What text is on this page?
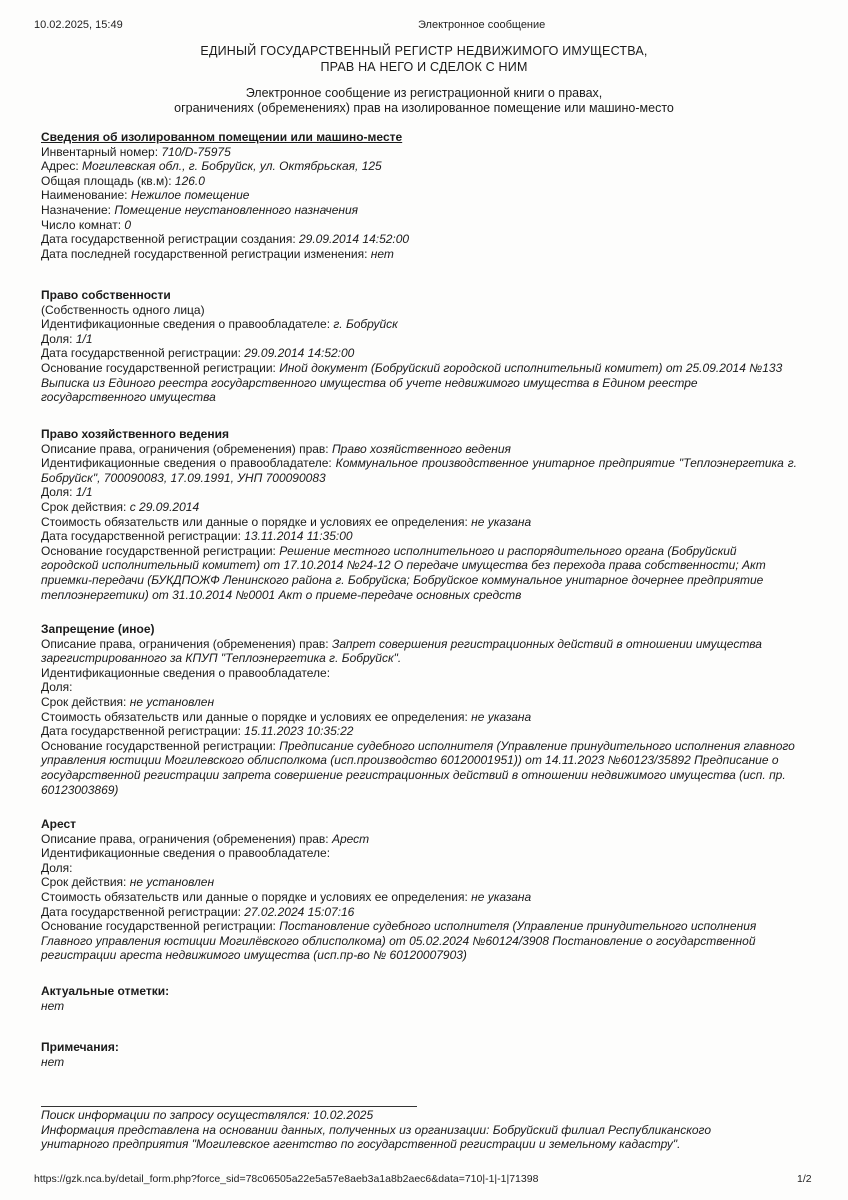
10.02.2025, 15:49	Электронное сообщение
ЕДИНЫЙ ГОСУДАРСТВЕННЫЙ РЕГИСТР НЕДВИЖИМОГО ИМУЩЕСТВА,
ПРАВ НА НЕГО И СДЕЛОК С НИМ
Электронное сообщение из регистрационной книги о правах,
ограничениях (обременениях) прав на изолированное помещение или машино-место
Сведения об изолированном помещении или машино-месте
Инвентарный номер: 710/D-75975
Адрес: Могилевская обл., г. Бобруйск, ул. Октябрьская, 125
Общая площадь (кв.м): 126.0
Наименование: Нежилое помещение
Назначение: Помещение неустановленного назначения
Число комнат: 0
Дата государственной регистрации создания: 29.09.2014 14:52:00
Дата последней государственной регистрации изменения: нет
Право собственности
(Собственность одного лица)
Идентификационные сведения о правообладателе: г. Бобруйск
Доля: 1/1
Дата государственной регистрации: 29.09.2014 14:52:00
Основание государственной регистрации: Иной документ (Бобруйский городской исполнительный комитет) от 25.09.2014 №133 Выписка из Единого реестра государственного имущества об учете недвижимого имущества в Едином реестре государственного имущества
Право хозяйственного ведения
Описание права, ограничения (обременения) прав: Право хозяйственного ведения
Идентификационные сведения о правообладателе: Коммунальное производственное унитарное предприятие "Теплоэнергетика г. Бобруйск", 700090083, 17.09.1991, УНП 700090083
Доля: 1/1
Срок действия: с 29.09.2014
Стоимость обязательств или данные о порядке и условиях ее определения: не указана
Дата государственной регистрации: 13.11.2014 11:35:00
Основание государственной регистрации: Решение местного исполнительного и распорядительного органа (Бобруйский городской исполнительный комитет) от 17.10.2014 №24-12 О передаче имущества без перехода права собственности; Акт приемки-передачи (БУКДПОЖФ Ленинского района г. Бобруйска; Бобруйское коммунальное унитарное дочернее предприятие теплоэнергетики) от 31.10.2014 №0001 Акт о приеме-передаче основных средств
Запрещение (иное)
Описание права, ограничения (обременения) прав: Запрет совершения регистрационных действий в отношении имущества зарегистрированного за КПУП "Теплоэнергетика г. Бобруйск".
Идентификационные сведения о правообладателе:
Доля:
Срок действия: не установлен
Стоимость обязательств или данные о порядке и условиях ее определения: не указана
Дата государственной регистрации: 15.11.2023 10:35:22
Основание государственной регистрации: Предписание судебного исполнителя (Управление принудительного исполнения главного управления юстиции Могилевского облисполкома (исп.производство 60120001951)) от 14.11.2023 №60123/35892 Предписание о государственной регистрации запрета совершение регистрационных действий в отношении недвижимого имущества (исп. пр. 60123003869)
Арест
Описание права, ограничения (обременения) прав: Арест
Идентификационные сведения о правообладателе:
Доля:
Срок действия: не установлен
Стоимость обязательств или данные о порядке и условиях ее определения: не указана
Дата государственной регистрации: 27.02.2024 15:07:16
Основание государственной регистрации: Постановление судебного исполнителя (Управление принудительного исполнения Главного управления юстиции Могилёвского облисполкома) от 05.02.2024 №60124/3908 Постановление о государственной регистрации ареста недвижимого имущества (исп.пр-во № 60120007903)
Актуальные отметки:
нет
Примечания:
нет
Поиск информации по запросу осуществлялся: 10.02.2025
Информация представлена на основании данных, полученных из организации: Бобруйский филиал Республиканского унитарного предприятия "Могилевское агентство по государственной регистрации и земельному кадастру".
https://gzk.nca.by/detail_form.php?force_sid=78c06505a22e5a57e8aeb3a1a8b2aec6&data=710|-1|-1|71398	1/2
